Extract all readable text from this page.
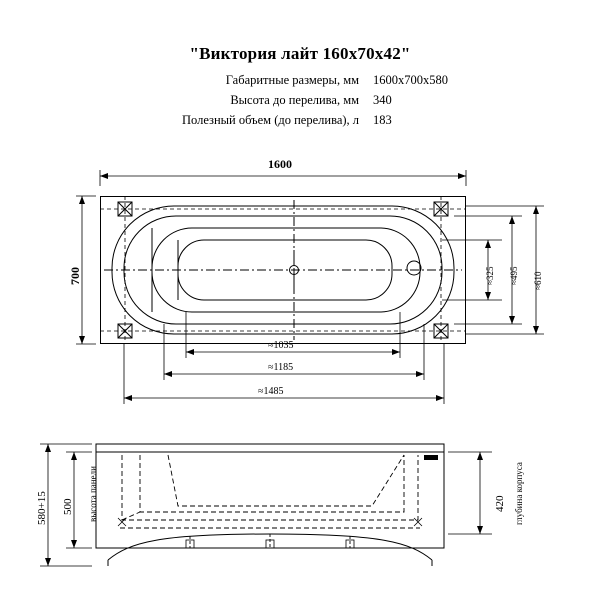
"Виктория лайт 160х70х42"
Габаритные размеры, мм	1600х700х580
Высота до перелива, мм	340
Полезный объем (до перелива), л	183
1600
700
≈1035
≈1185
≈1485
≈325 ≈495 ≈610
580+15 500 высота панели	420 глубина корпуса
